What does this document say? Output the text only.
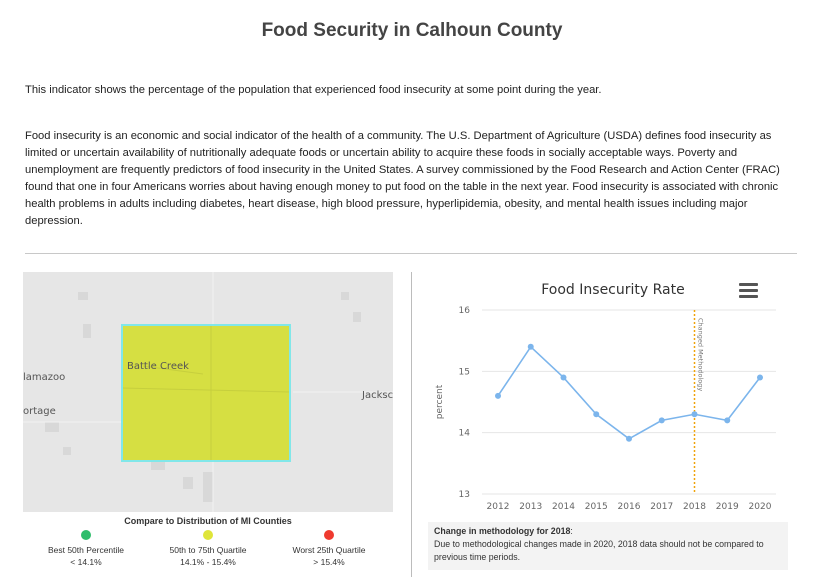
Food Security in Calhoun County
This indicator shows the percentage of the population that experienced food insecurity at some point during the year.
Food insecurity is an economic and social indicator of the health of a community. The U.S. Department of Agriculture (USDA) defines food insecurity as limited or uncertain availability of nutritionally adequate foods or uncertain ability to acquire these foods in socially acceptable ways. Poverty and unemployment are frequently predictors of food insecurity in the United States. A survey commissioned by the Food Research and Action Center (FRAC) found that one in four Americans worries about having enough money to put food on the table in the next year. Food insecurity is associated with chronic health problems in adults including diabetes, heart disease, high blood pressure, hyperlipidemia, obesity, and mental health issues including major depression.
Battle Creek
lamazoo
ortage
Jacksc
Compare to Distribution of MI Counties
Best 50th Percentile
< 14.1%
50th to 75th Quartile
14.1% - 15.4%
Worst 25th Quartile
> 15.4%
Food Insecurity Rate
13
14
15
16
percent
2012 2013 2014 2015 2016 2017 2018 2019 2020
Changed Methodology
Change in methodology for 2018:
Due to methodological changes made in 2020, 2018 data should not be compared to previous time periods.
